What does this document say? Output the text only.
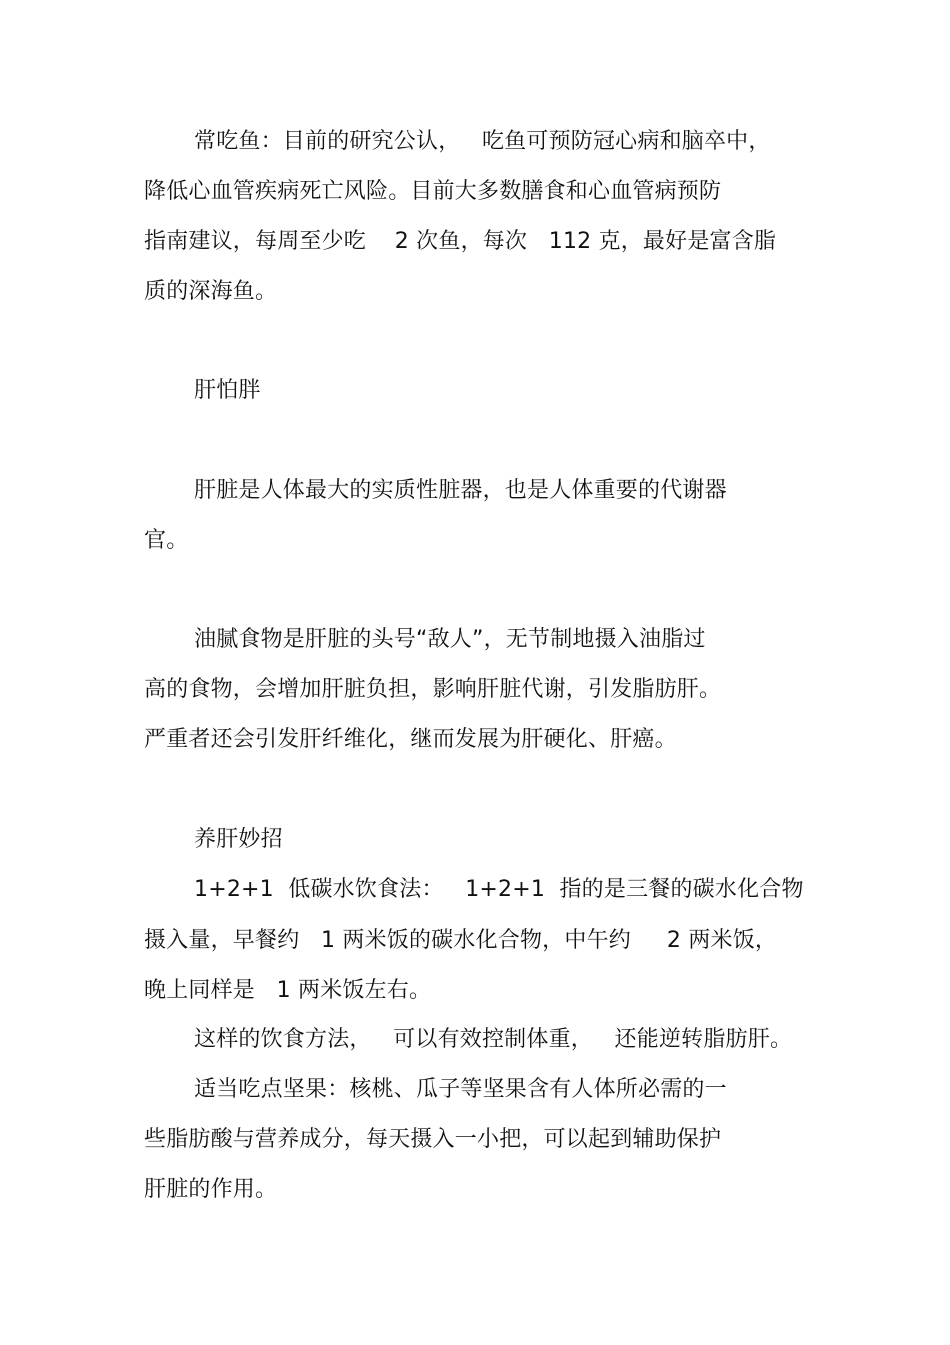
常吃鱼：目前的研究公认，   吃鱼可预防冠心病和脑卒中，
降低心血管疾病死亡风险。目前大多数膳食和心血管病预防
指南建议，每周至少吃    2 次鱼，每次   112 克，最好是富含脂
质的深海鱼。
肝怕胖
肝脏是人体最大的实质性脏器，也是人体重要的代谢器
官。
油腻食物是肝脏的头号“敌人”，无节制地摄入油脂过
高的食物，会增加肝脏负担，影响肝脏代谢，引发脂肪肝。
严重者还会引发肝纤维化，继而发展为肝硬化、肝癌。
养肝妙招
1+2+1  低碳水饮食法：   1+2+1  指的是三餐的碳水化合物
摄入量，早餐约   1 两米饭的碳水化合物，中午约     2 两米饭，
晚上同样是   1 两米饭左右。
这样的饮食方法，   可以有效控制体重，   还能逆转脂肪肝。
适当吃点坚果：核桃、瓜子等坚果含有人体所必需的一
些脂肪酸与营养成分，每天摄入一小把，可以起到辅助保护
肝脏的作用。
